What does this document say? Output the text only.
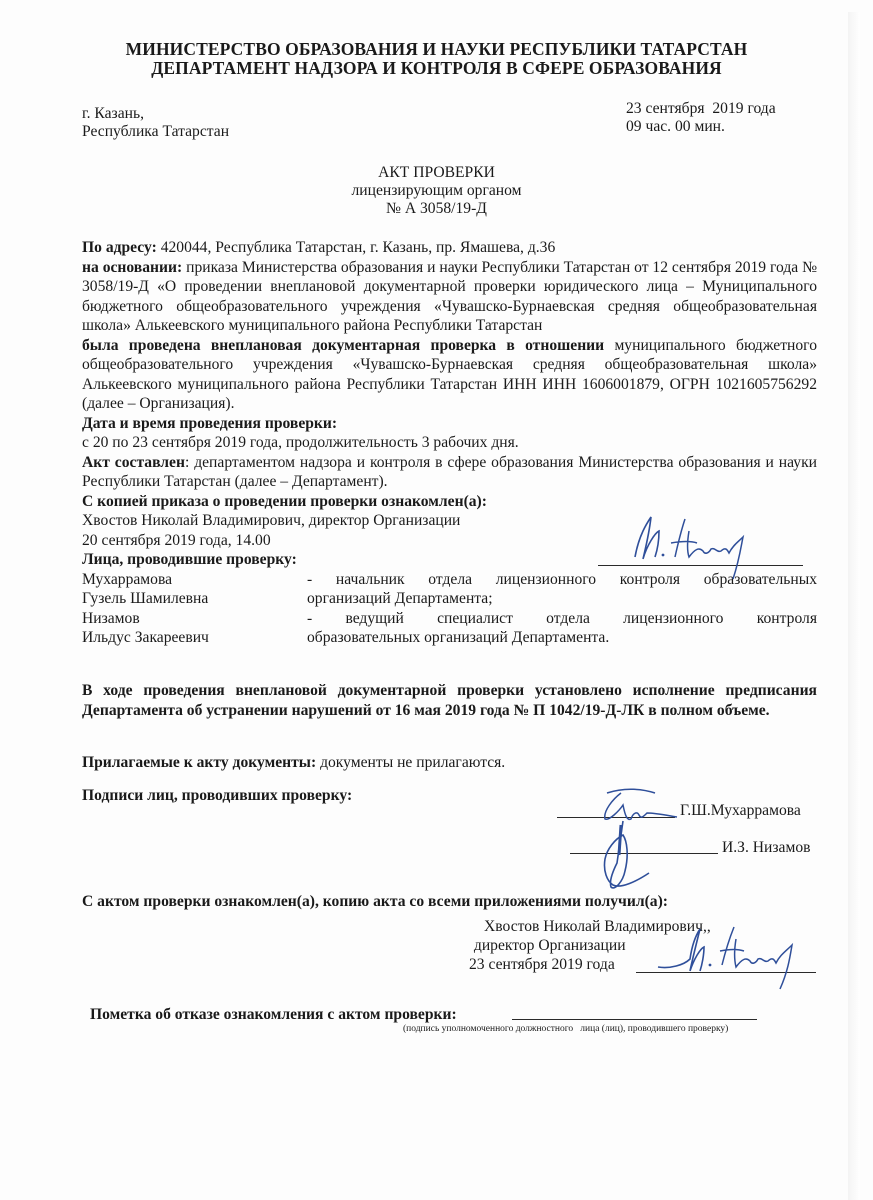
МИНИСТЕРСТВО ОБРАЗОВАНИЯ И НАУКИ РЕСПУБЛИКИ ТАТАРСТАН
ДЕПАРТАМЕНТ НАДЗОРА И КОНТРОЛЯ В СФЕРЕ ОБРАЗОВАНИЯ
г. Казань,
Республика Татарстан
23 сентября  2019 года
09 час. 00 мин.
АКТ ПРОВЕРКИ
лицензирующим органом
№ А 3058/19-Д
По адресу: 420044, Республика Татарстан, г. Казань, пр. Ямашева, д.36
на основании: приказа Министерства образования и науки Республики Татарстан от 12 сентября 2019 года № 3058/19-Д «О проведении внеплановой документарной проверки юридического лица – Муниципального бюджетного общеобразовательного учреждения «Чувашско-Бурнаевская средняя общеобразовательная школа» Алькеевского муниципального района Республики Татарстан
была проведена внеплановая документарная проверка в отношении муниципального бюджетного общеобразовательного учреждения «Чувашско-Бурнаевская средняя общеобразовательная школа» Алькеевского муниципального района Республики Татарстан ИНН ИНН 1606001879, ОГРН 1021605756292 (далее – Организация).
Дата и время проведения проверки:
с 20 по 23 сентября 2019 года, продолжительность 3 рабочих дня.
Акт составлен: департаментом надзора и контроля в сфере образования Министерства образования и науки Республики Татарстан (далее – Департамент).
С копией приказа о проведении проверки ознакомлен(а):
Хвостов Николай Владимирович, директор Организации
20 сентября 2019 года, 14.00
Лица, проводившие проверку:
Мухаррамова	- начальник отдела лицензионного контроля образовательных
Гузель Шамилевна	организаций Департамента;
Низамов	- ведущий специалист отдела лицензионного контроля
Ильдус Закареевич	образовательных организаций Департамента.
В ходе проведения внеплановой документарной проверки установлено исполнение предписания Департамента об устранении нарушений от 16 мая 2019 года № П 1042/19-Д-ЛК в полном объеме.
Прилагаемые к акту документы: документы не прилагаются.
Подписи лиц, проводивших проверку:
Г.Ш.Мухаррамова
И.З. Низамов
С актом проверки ознакомлен(а), копию акта со всеми приложениями получил(а):
Хвостов Николай Владимирович,,
директор Организации
23 сентября 2019 года
Пометка об отказе ознакомления с актом проверки:
(подпись уполномоченного должностного   лица (лиц), проводившего проверку)
